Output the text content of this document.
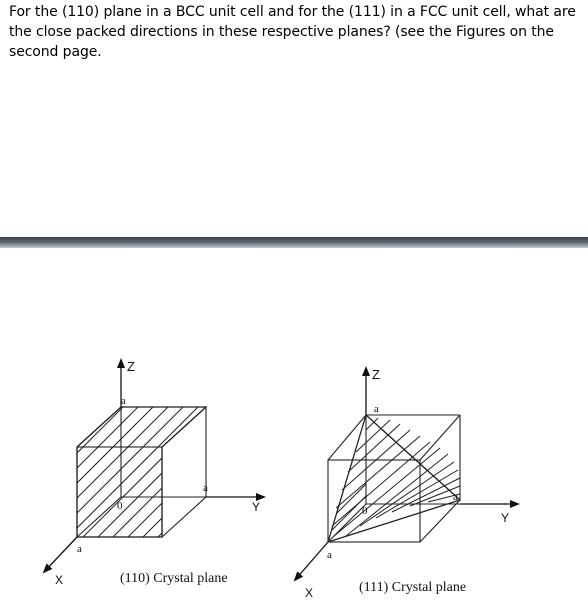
For the (110) plane in a BCC unit cell and for the (111) in a FCC unit cell, what are the close packed directions in these respective planes? (see the Figures on the second page.
Z
Y
X
a
a
a
0
(110) Crystal plane
Z
Y
X
a
a
a
0
(111) Crystal plane
